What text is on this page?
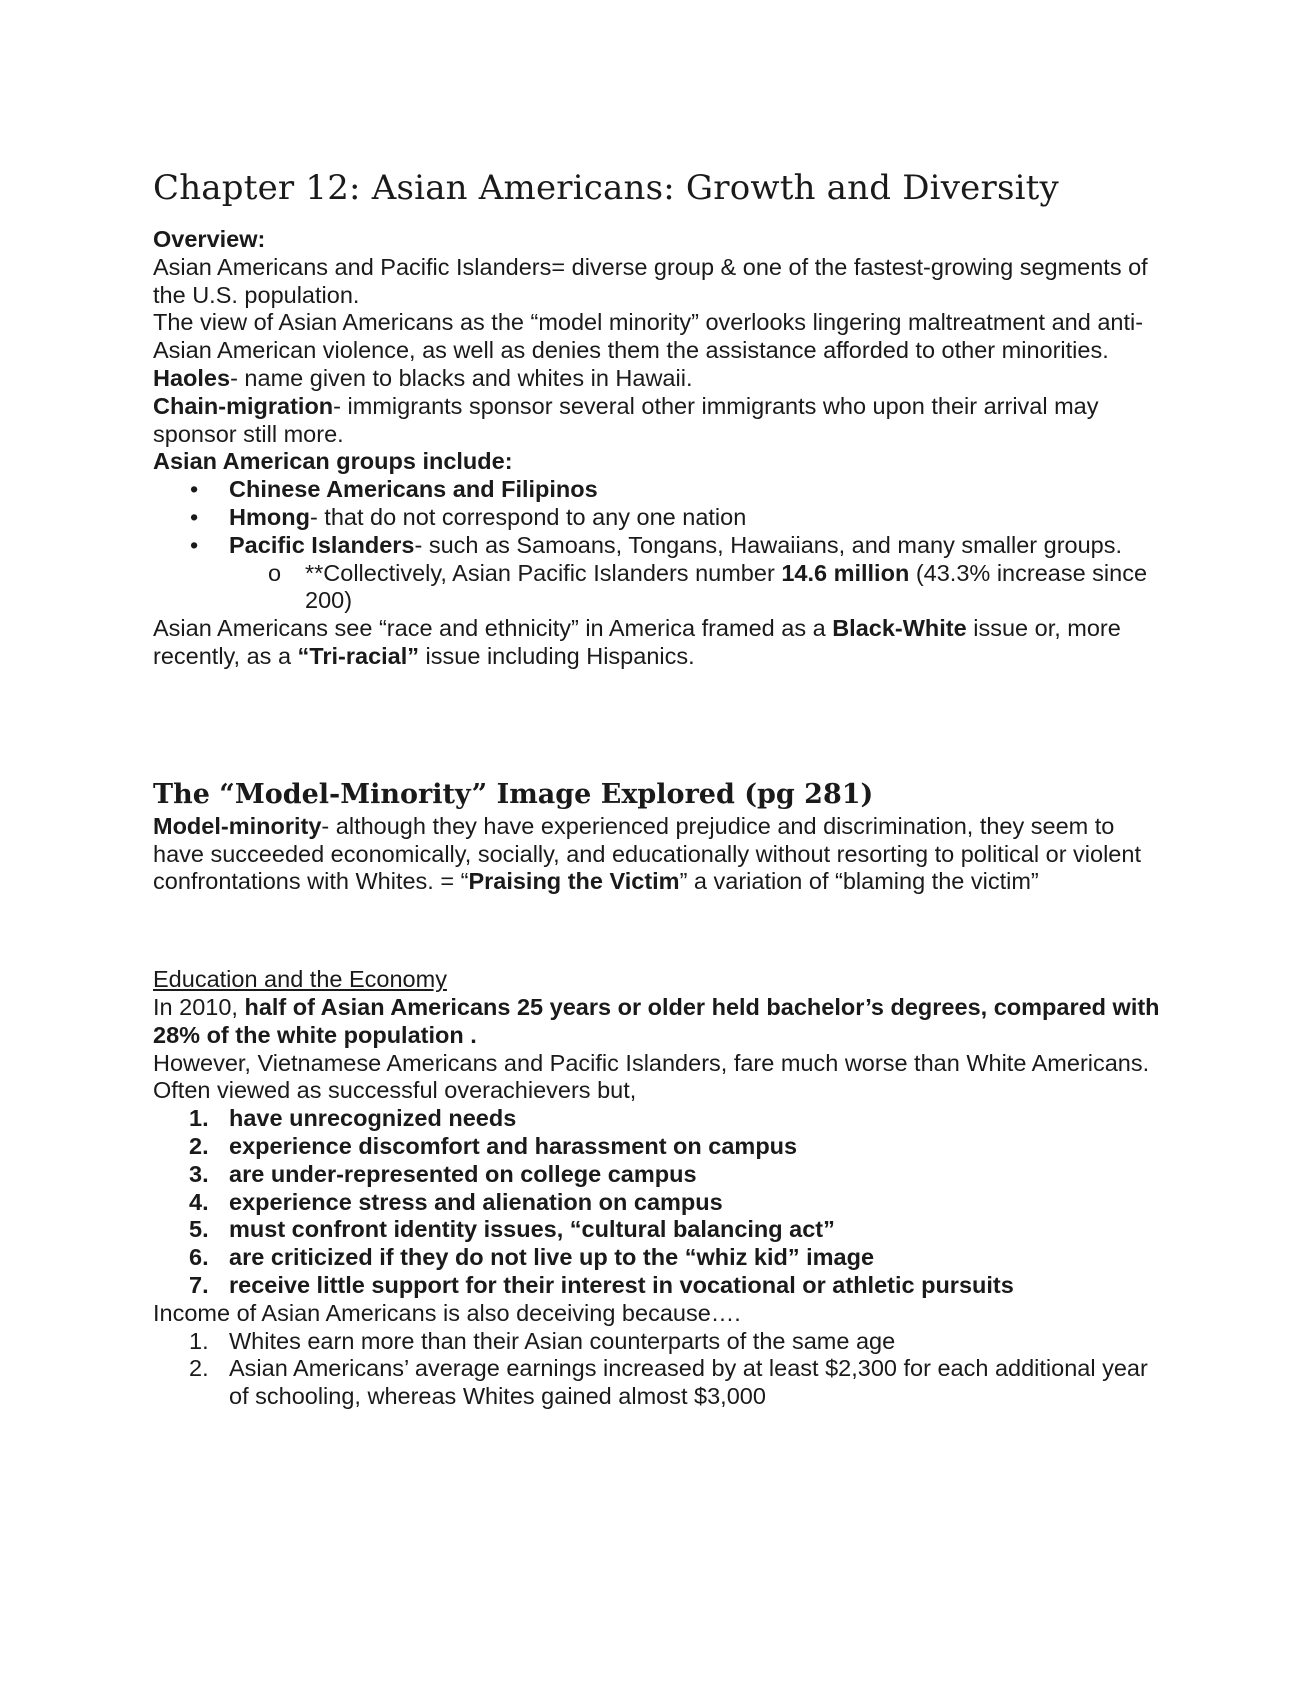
Chapter 12: Asian Americans: Growth and Diversity

Overview:

Asian Americans and Pacific Islanders= diverse group & one of the fastest-growing segments of the U.S. population.

The view of Asian Americans as the “model minority” overlooks lingering maltreatment and anti-Asian American violence, as well as denies them the assistance afforded to other minorities.

Haoles- name given to blacks and whites in Hawaii.

Chain-migration- immigrants sponsor several other immigrants who upon their arrival may sponsor still more.

Asian American groups include:

• Chinese Americans and Filipinos
• Hmong- that do not correspond to any one nation
• Pacific Islanders- such as Samoans, Tongans, Hawaiians, and many smaller groups.
o **Collectively, Asian Pacific Islanders number 14.6 million (43.3% increase since 200)

Asian Americans see “race and ethnicity” in America framed as a Black-White issue or, more recently, as a “Tri-racial” issue including Hispanics.

The “Model-Minority” Image Explored (pg 281)

Model-minority- although they have experienced prejudice and discrimination, they seem to have succeeded economically, socially, and educationally without resorting to political or violent confrontations with Whites. = “Praising the Victim” a variation of “blaming the victim”

Education and the Economy

In 2010, half of Asian Americans 25 years or older held bachelor’s degrees, compared with 28% of the white population .

However, Vietnamese Americans and Pacific Islanders, fare much worse than White Americans.

Often viewed as successful overachievers but,

1. have unrecognized needs
2. experience discomfort and harassment on campus
3. are under-represented on college campus
4. experience stress and alienation on campus
5. must confront identity issues, “cultural balancing act”
6. are criticized if they do not live up to the “whiz kid” image
7. receive little support for their interest in vocational or athletic pursuits

Income of Asian Americans is also deceiving because….

1. Whites earn more than their Asian counterparts of the same age
2. Asian Americans’ average earnings increased by at least $2,300 for each additional year of schooling, whereas Whites gained almost $3,000
